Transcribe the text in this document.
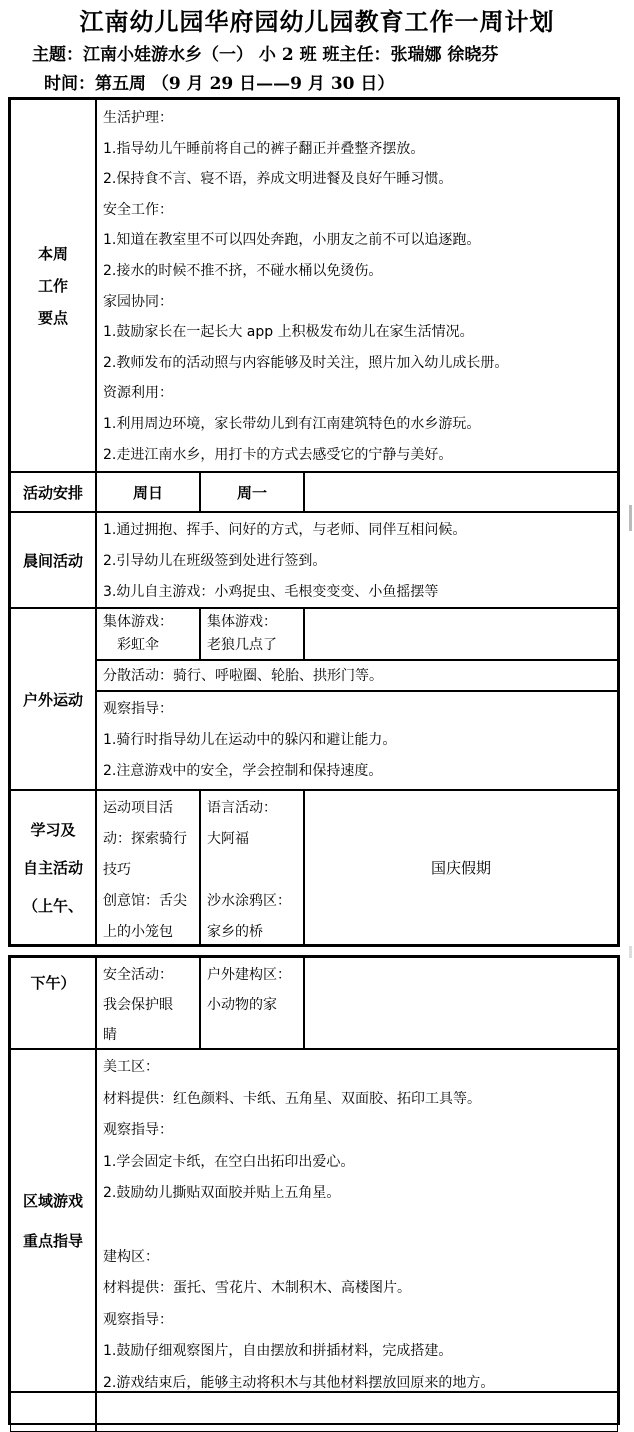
江南幼儿园华府园幼儿园教育工作一周计划
主题：江南小娃游水乡（一） 小 2 班 班主任：张瑞娜 徐晓芬
时间：第五周 （9 月 29 日——9 月 30 日）
本周
工作
要点
生活护理：
1.指导幼儿午睡前将自己的裤子翻正并叠整齐摆放。
2.保持食不言、寝不语，养成文明进餐及良好午睡习惯。
安全工作：
1.知道在教室里不可以四处奔跑，小朋友之前不可以追逐跑。
2.接水的时候不推不挤，不碰水桶以免烫伤。
家园协同：
1.鼓励家长在一起长大 app 上积极发布幼儿在家生活情况。
2.教师发布的活动照与内容能够及时关注，照片加入幼儿成长册。
资源利用：
1.利用周边环境，家长带幼儿到有江南建筑特色的水乡游玩。
2.走进江南水乡，用打卡的方式去感受它的宁静与美好。
活动安排	周日	周一
晨间活动
1.通过拥抱、挥手、问好的方式，与老师、同伴互相问候。
2.引导幼儿在班级签到处进行签到。
3.幼儿自主游戏：小鸡捉虫、毛根变变变、小鱼摇摆等
户外运动
集体游戏：
彩虹伞
集体游戏：
老狼几点了
分散活动：骑行、呼啦圈、轮胎、拱形门等。
观察指导：
1.骑行时指导幼儿在运动中的躲闪和避让能力。
2.注意游戏中的安全，学会控制和保持速度。
学习及
自主活动
（上午、
运动项目活
动：探索骑行
技巧
创意馆：舌尖
上的小笼包
语言活动：
大阿福

沙水涂鸦区：
家乡的桥
国庆假期
下午） 安全活动：
我会保护眼
睛
户外建构区：
小动物的家
区域游戏
重点指导
美工区：
材料提供：红色颜料、卡纸、五角星、双面胶、拓印工具等。
观察指导：
1.学会固定卡纸，在空白出拓印出爱心。
2.鼓励幼儿撕贴双面胶并贴上五角星。

建构区：
材料提供：蛋托、雪花片、木制积木、高楼图片。
观察指导：
1.鼓励仔细观察图片，自由摆放和拼插材料，完成搭建。
2.游戏结束后，能够主动将积木与其他材料摆放回原来的地方。
